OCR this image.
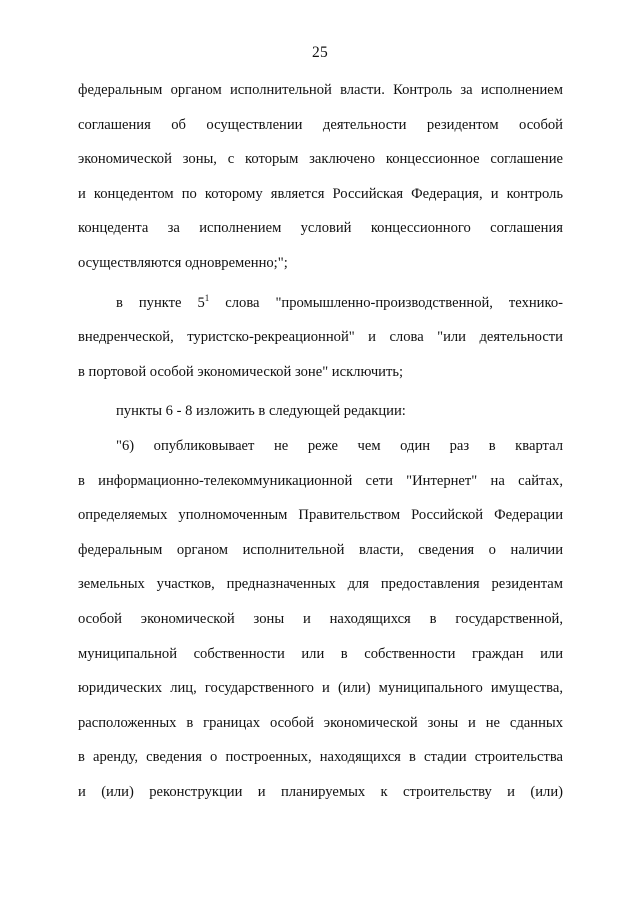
25
федеральным органом исполнительной власти. Контроль за исполнением
соглашения об осуществлении деятельности резидентом особой
экономической зоны, с которым заключено концессионное соглашение
и концедентом по которому является Российская Федерация, и контроль
концедента за исполнением условий концессионного соглашения
осуществляются одновременно;";
в пункте $5^1$ слова "промышленно-производственной, технико-
внедренческой, туристско-рекреационной" и слова "или деятельности
в портовой особой экономической зоне" исключить;
пункты 6 - 8 изложить в следующей редакции:
"6) опубликовывает не реже чем один раз в квартал
в информационно-телекоммуникационной сети "Интернет" на сайтах,
определяемых уполномоченным Правительством Российской Федерации
федеральным органом исполнительной власти, сведения о наличии
земельных участков, предназначенных для предоставления резидентам
особой экономической зоны и находящихся в государственной,
муниципальной собственности или в собственности граждан или
юридических лиц, государственного и (или) муниципального имущества,
расположенных в границах особой экономической зоны и не сданных
в аренду, сведения о построенных, находящихся в стадии строительства
и (или) реконструкции и планируемых к строительству и (или)
